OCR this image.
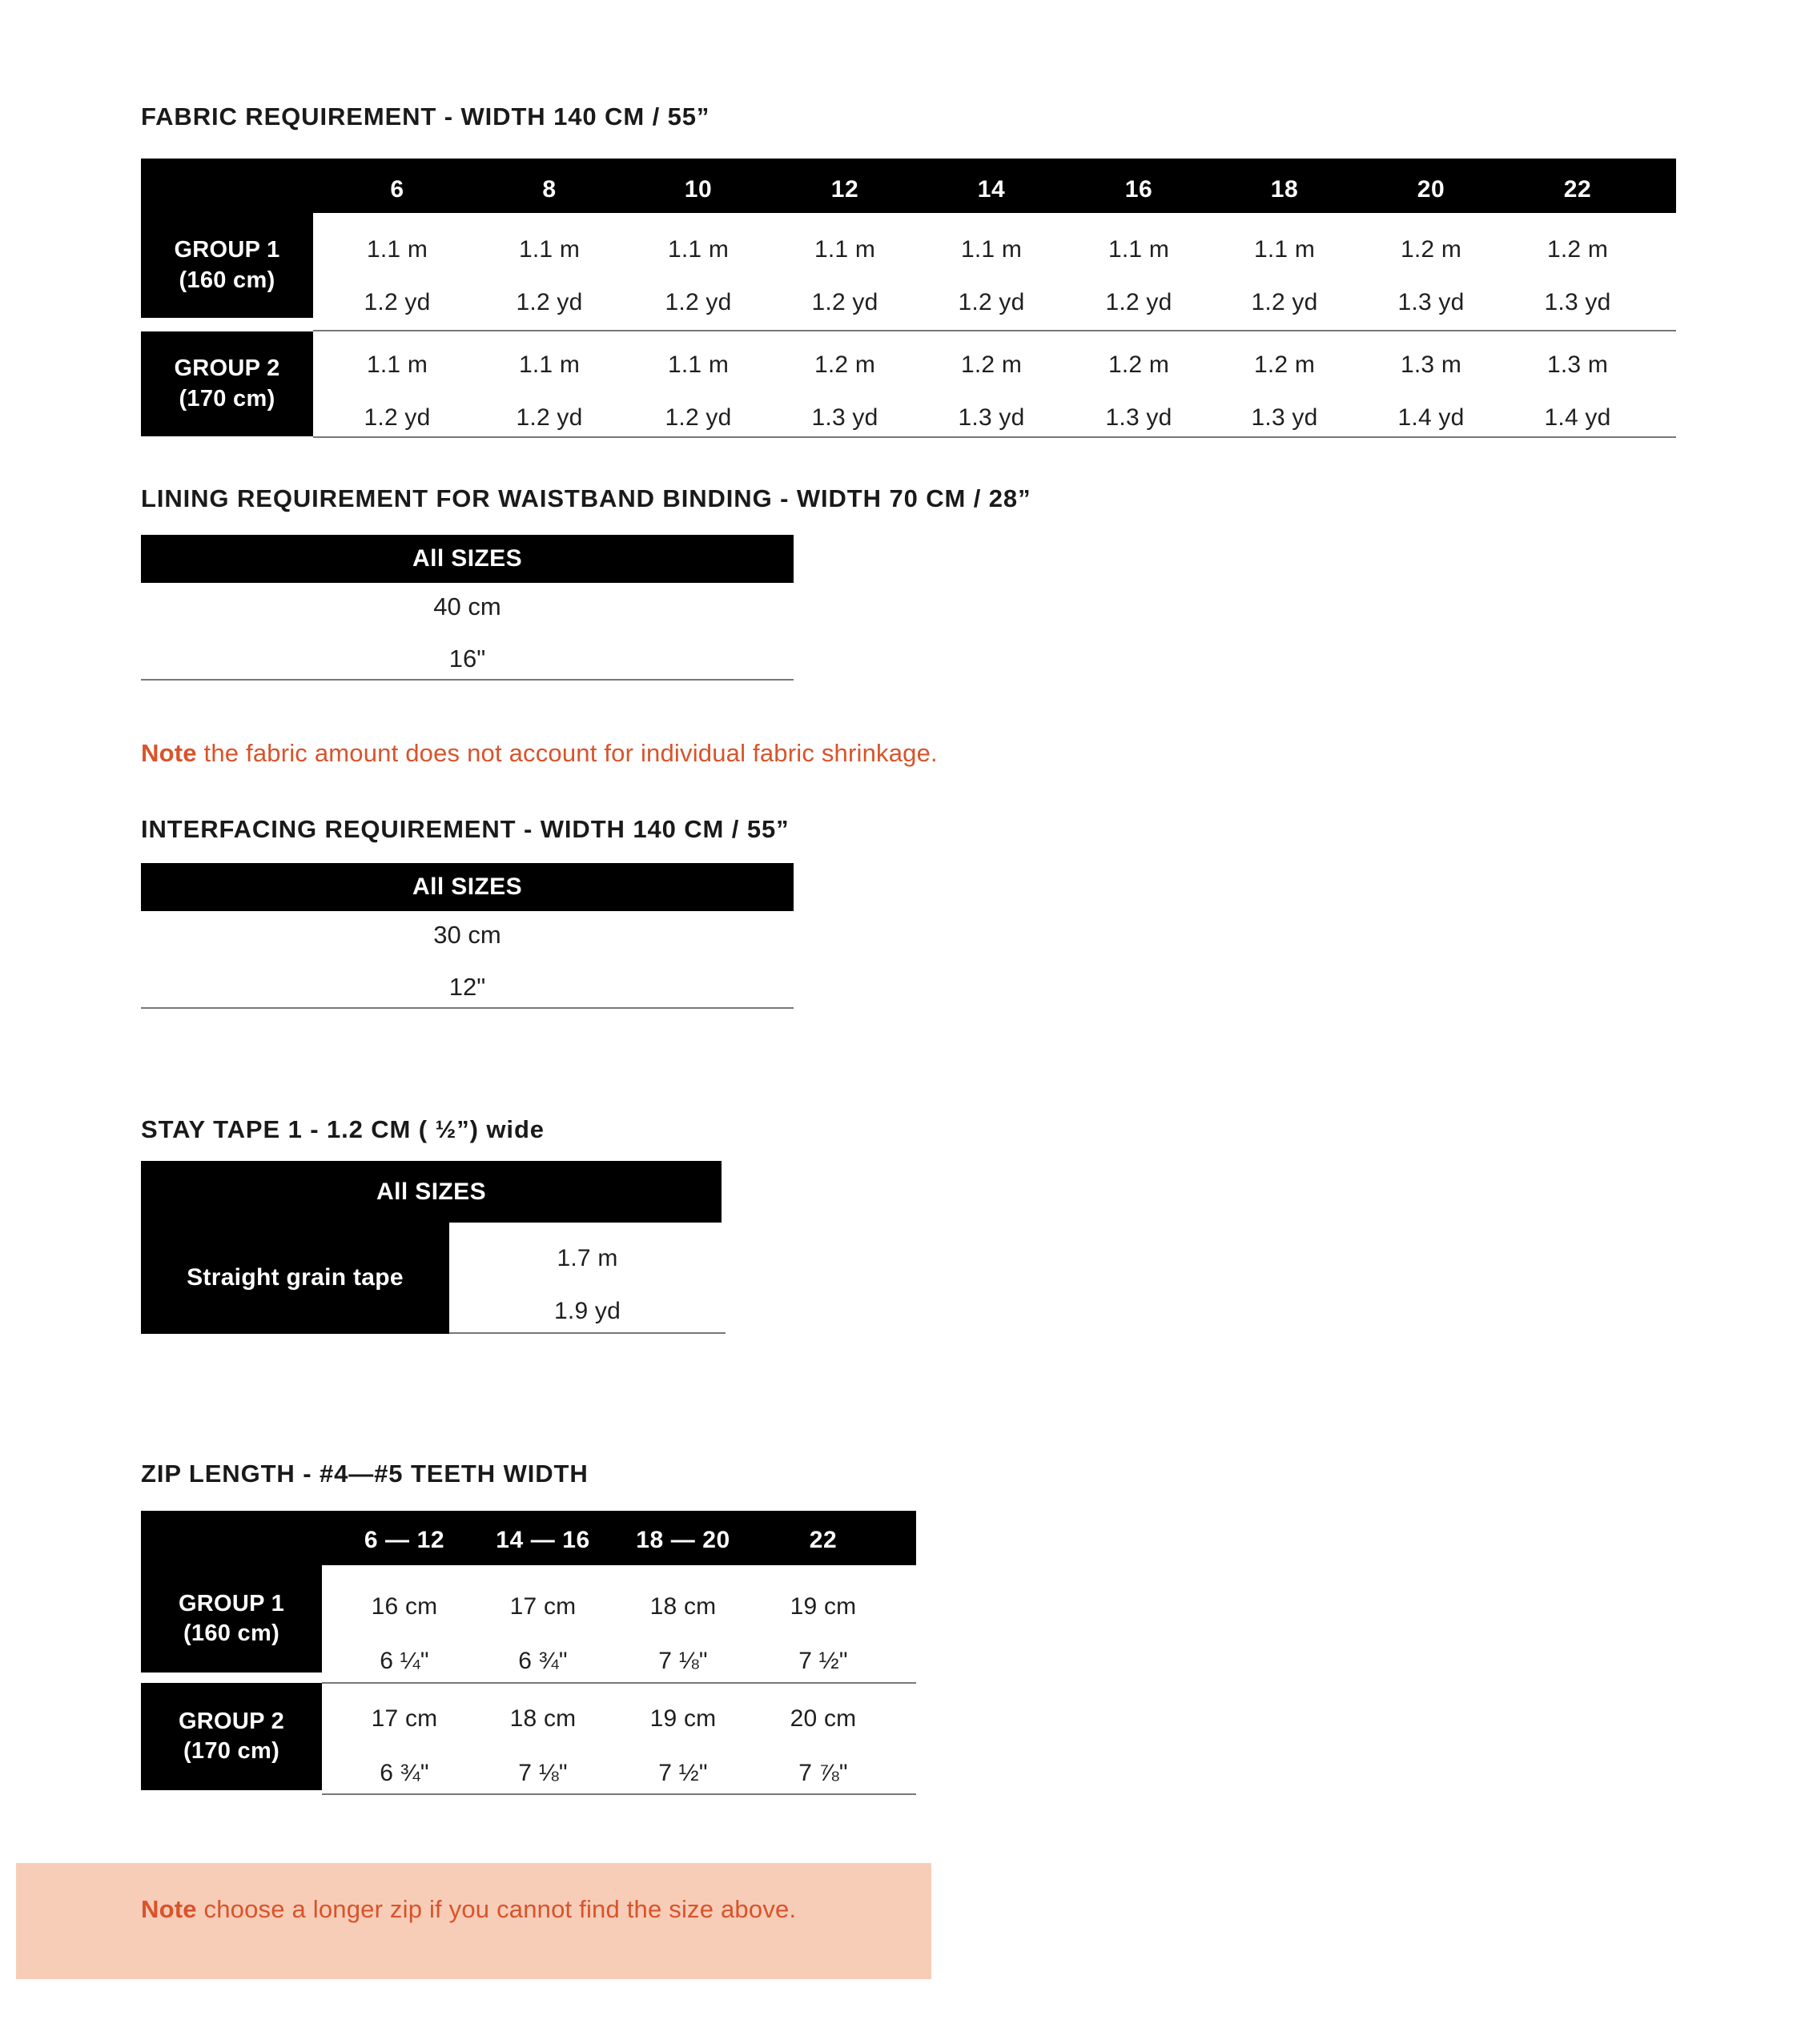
FABRIC REQUIREMENT - WIDTH 140 CM / 55”
6	8	10	12	14	16	18	20	22
GROUP 1
(160 cm)
1.1 m	1.1 m	1.1 m	1.1 m	1.1 m	1.1 m	1.1 m	1.2 m	1.2 m
1.2 yd	1.2 yd	1.2 yd	1.2 yd	1.2 yd	1.2 yd	1.2 yd	1.3 yd	1.3 yd
GROUP 2
(170 cm)
1.1 m	1.1 m	1.1 m	1.2 m	1.2 m	1.2 m	1.2 m	1.3 m	1.3 m
1.2 yd	1.2 yd	1.2 yd	1.3 yd	1.3 yd	1.3 yd	1.3 yd	1.4 yd	1.4 yd
LINING REQUIREMENT FOR WAISTBAND BINDING - WIDTH 70 CM / 28”
All SIZES
40 cm
16"
Note the fabric amount does not account for individual fabric shrinkage.
INTERFACING REQUIREMENT - WIDTH 140 CM / 55”
All SIZES
30 cm
12"
STAY TAPE 1 - 1.2 CM ( ½”) wide
All SIZES
Straight grain tape
1.7 m
1.9 yd
ZIP LENGTH - #4—#5 TEETH WIDTH
6 — 12	14 — 16	18 — 20	22
GROUP 1
(160 cm)
16 cm	17 cm	18 cm	19 cm
6 ¼"	6 ¾"	7 ⅛"	7 ½"
GROUP 2
(170 cm)
17 cm	18 cm	19 cm	20 cm
6 ¾"	7 ⅛"	7 ½"	7 ⅞"
Note choose a longer zip if you cannot find the size above.
